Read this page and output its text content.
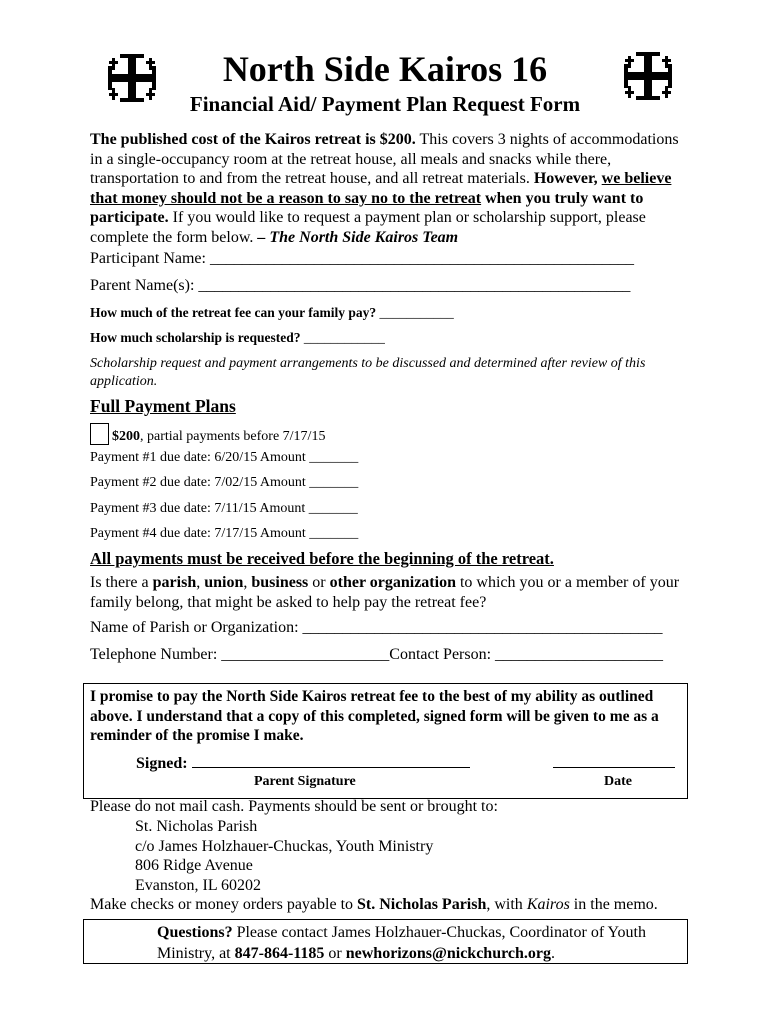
North Side Kairos 16
Financial Aid/ Payment Plan Request Form
The published cost of the Kairos retreat is $200. This covers 3 nights of accommodations in a single-occupancy room at the retreat house, all meals and snacks while there, transportation to and from the retreat house, and all retreat materials. However, we believe that money should not be a reason to say no to the retreat when you truly want to participate. If you would like to request a payment plan or scholarship support, please complete the form below. – The North Side Kairos Team
Participant Name: _____________________________________________________
Parent Name(s): ______________________________________________________
How much of the retreat fee can your family pay? ___________
How much scholarship is requested? ____________
Scholarship request and payment arrangements to be discussed and determined after review of this application.
Full Payment Plans
$200, partial payments before 7/17/15
Payment #1 due date: 6/20/15 Amount _______
Payment #2 due date: 7/02/15 Amount _______
Payment #3 due date: 7/11/15 Amount _______
Payment #4 due date: 7/17/15 Amount _______
All payments must be received before the beginning of the retreat.
Is there a parish, union, business or other organization to which you or a member of your family belong, that might be asked to help pay the retreat fee?
Name of Parish or Organization: _____________________________________________
Telephone Number: _____________________Contact Person: _____________________
I promise to pay the North Side Kairos retreat fee to the best of my ability as outlined above. I understand that a copy of this completed, signed form will be given to me as a reminder of the promise I make.
Signed:
Parent Signature	Date
Please do not mail cash. Payments should be sent or brought to:
St. Nicholas Parish
c/o James Holzhauer-Chuckas, Youth Ministry
806 Ridge Avenue
Evanston, IL 60202
Make checks or money orders payable to St. Nicholas Parish, with Kairos in the memo.
Questions? Please contact James Holzhauer-Chuckas, Coordinator of Youth Ministry, at 847-864-1185 or newhorizons@nickchurch.org.
